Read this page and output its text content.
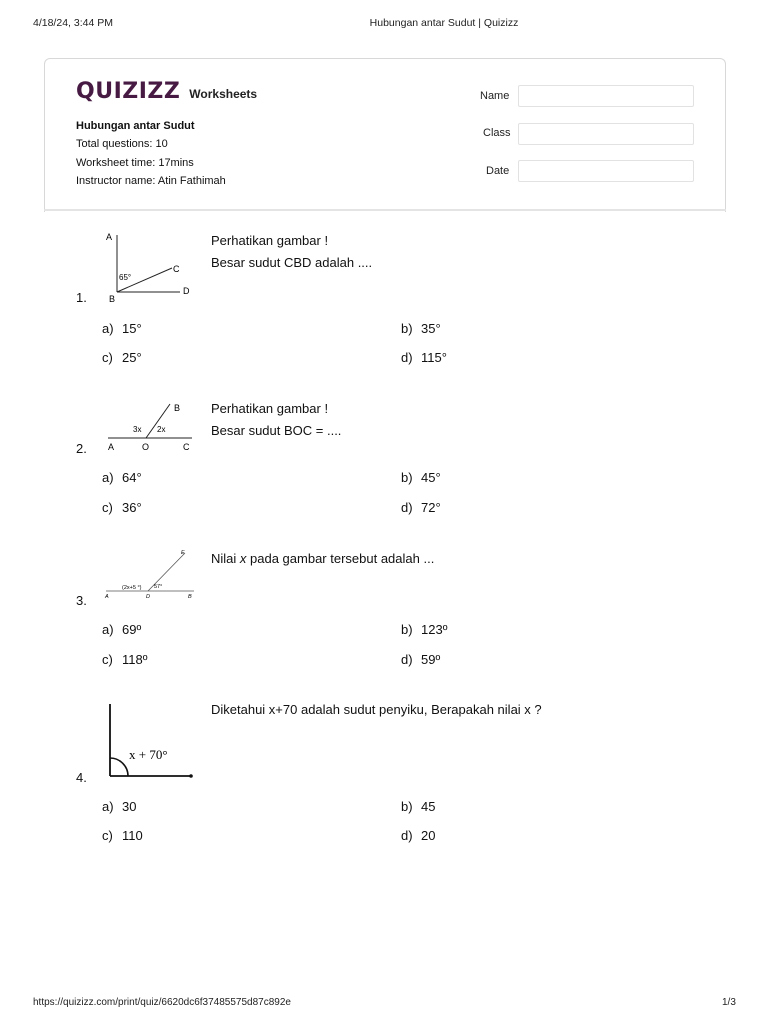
4/18/24, 3:44 PM	Hubungan antar Sudut | Quizizz
QUIZIZZ Worksheets
Hubungan antar Sudut
Total questions: 10
Worksheet time: 17mins
Instructor name: Atin Fathimah
Name
Class
Date
1.
A
B
C
D
65°
Perhatikan gambar !
Besar sudut CBD adalah ....
a) 15°	b) 35°
c) 25°	d) 115°
2. A	O	C
B
3x 2x
Perhatikan gambar !
Besar sudut BOC = ....
a) 64°	b) 45°
c) 36°	d) 72°
3.	A	D	B
E
(2x+5 °) 57°
Nilai x pada gambar tersebut adalah ...
a) 69º	b) 123º
c) 118º	d) 59º
4.
x + 70°
Diketahui x+70 adalah sudut penyiku, Berapakah nilai x ?
a) 30	b) 45
c) 110	d) 20
https://quizizz.com/print/quiz/6620dc6f37485575d87c892e	1/3
